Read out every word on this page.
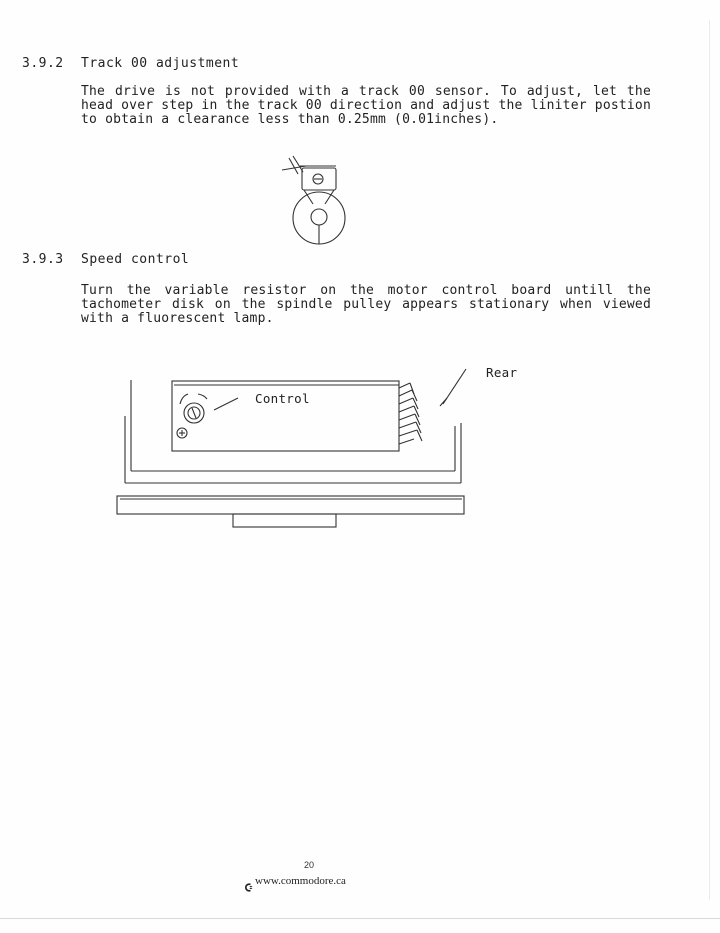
3.9.2 Track 00 adjustment
The drive is not provided with a track 00 sensor. To adjust, let the head over step in the track 00 direction and adjust the liniter postion to obtain a clearance less than 0.25mm (0.01inches).
3.9.3 Speed control
Turn the variable resistor on the motor control board untill the tachometer disk on the spindle pulley appears stationary when viewed with a fluorescent lamp.
Control
Rear
20
www.commodore.ca
